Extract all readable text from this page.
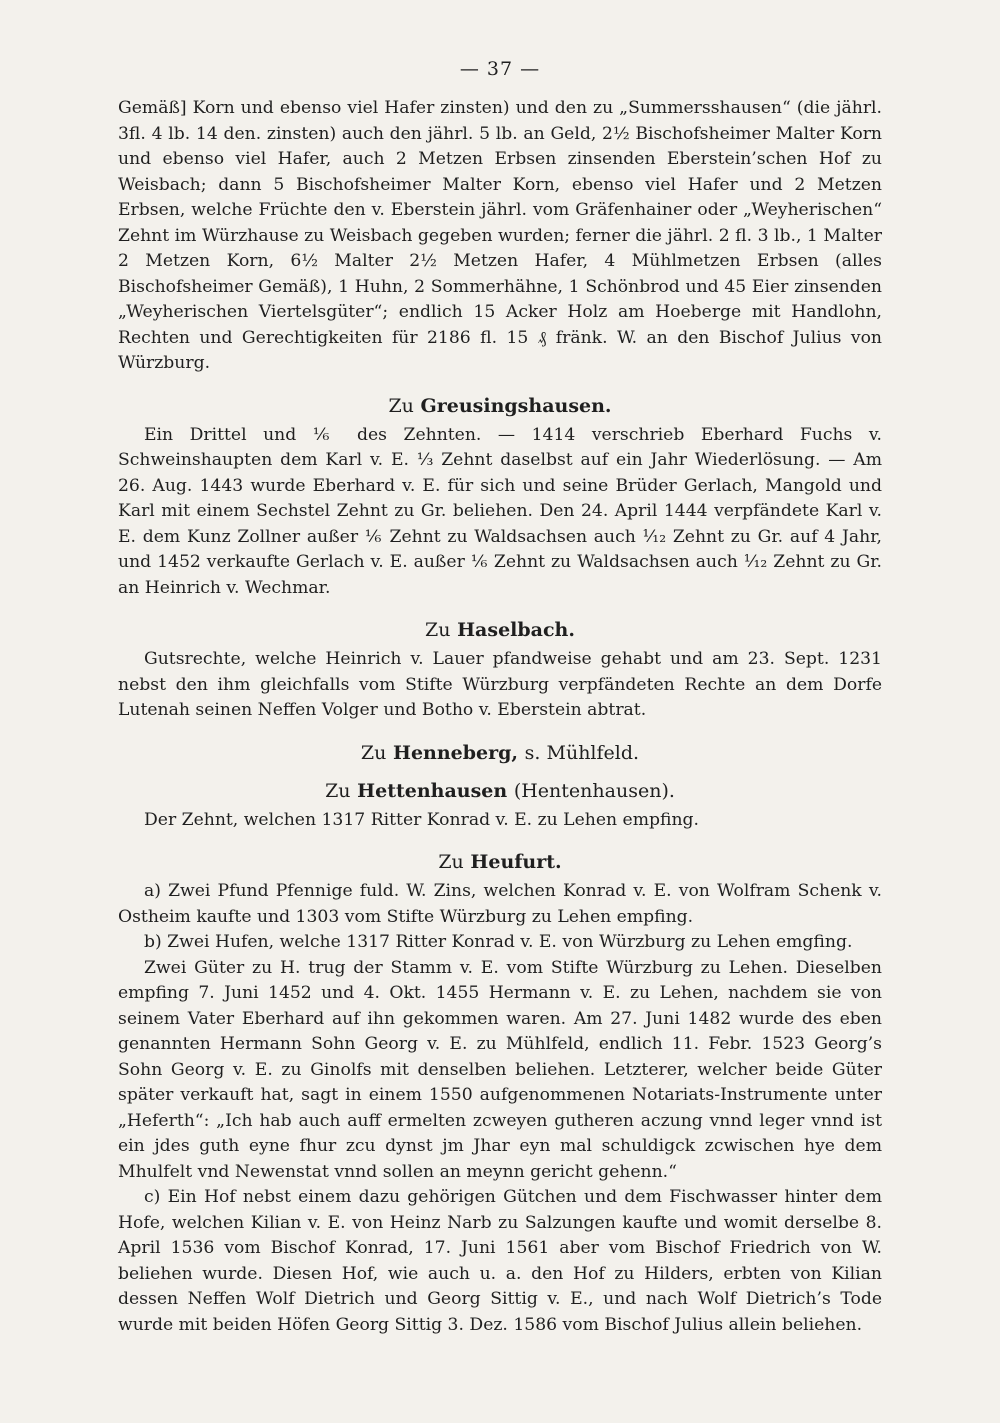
— 37 —

Gemäß] Korn und ebenso viel Hafer zinsten) und den zu „Summersshausen“ (die jährl. 3fl. 4 lb. 14 den. zinsten) auch den jährl. 5 lb. an Geld, 2½ Bischofsheimer Malter Korn und ebenso viel Hafer, auch 2 Metzen Erbsen zinsenden Eberstein’schen Hof zu Weisbach; dann 5 Bischofsheimer Malter Korn, ebenso viel Hafer und 2 Metzen Erbsen, welche Früchte den v. Eberstein jährl. vom Gräfenhainer oder „Weyherischen“ Zehnt im Würzhause zu Weisbach gegeben wurden; ferner die jährl. 2 fl. 3 lb., 1 Malter 2 Metzen Korn, 6½ Malter 2½ Metzen Hafer, 4 Mühlmetzen Erbsen (alles Bischofsheimer Gemäß), 1 Huhn, 2 Sommerhähne, 1 Schönbrod und 45 Eier zinsenden „Weyherischen Viertelsgüter“; endlich 15 Acker Holz am Hoeberge mit Handlohn, Rechten und Gerechtigkeiten für 2186 fl. 15 ₰ fränk. W. an den Bischof Julius von Würzburg.

Zu Greusingshausen.

Ein Drittel und ⅙ des Zehnten. — 1414 verschrieb Eberhard Fuchs v. Schweinshaupten dem Karl v. E. ⅓ Zehnt daselbst auf ein Jahr Wiederlösung. — Am 26. Aug. 1443 wurde Eberhard v. E. für sich und seine Brüder Gerlach, Mangold und Karl mit einem Sechstel Zehnt zu Gr. beliehen. Den 24. April 1444 verpfändete Karl v. E. dem Kunz Zollner außer ⅙ Zehnt zu Waldsachsen auch ¹⁄₁₂ Zehnt zu Gr. auf 4 Jahr, und 1452 verkaufte Gerlach v. E. außer ⅙ Zehnt zu Waldsachsen auch ¹⁄₁₂ Zehnt zu Gr. an Heinrich v. Wechmar.

Zu Haselbach.

Gutsrechte, welche Heinrich v. Lauer pfandweise gehabt und am 23. Sept. 1231 nebst den ihm gleichfalls vom Stifte Würzburg verpfändeten Rechte an dem Dorfe Lutenah seinen Neffen Volger und Botho v. Eberstein abtrat.

Zu Henneberg, s. Mühlfeld.
Zu Hettenhausen (Hentenhausen).

Der Zehnt, welchen 1317 Ritter Konrad v. E. zu Lehen empfing.

Zu Heufurt.

a) Zwei Pfund Pfennige fuld. W. Zins, welchen Konrad v. E. von Wolfram Schenk v. Ostheim kaufte und 1303 vom Stifte Würzburg zu Lehen empfing.

b) Zwei Hufen, welche 1317 Ritter Konrad v. E. von Würzburg zu Lehen emgfing.

Zwei Güter zu H. trug der Stamm v. E. vom Stifte Würzburg zu Lehen. Dieselben empfing 7. Juni 1452 und 4. Okt. 1455 Hermann v. E. zu Lehen, nachdem sie von seinem Vater Eberhard auf ihn gekommen waren. Am 27. Juni 1482 wurde des eben genannten Hermann Sohn Georg v. E. zu Mühlfeld, endlich 11. Febr. 1523 Georg’s Sohn Georg v. E. zu Ginolfs mit denselben beliehen. Letzterer, welcher beide Güter später verkauft hat, sagt in einem 1550 aufgenommenen Notariats-Instrumente unter „Heferth“: „Ich hab auch auff ermelten zcweyen gutheren aczung vnnd leger vnnd ist ein jdes guth eyne fhur zcu dynst jm Jhar eyn mal schuldigck zcwischen hye dem Mhulfelt vnd Newenstat vnnd sollen an meynn gericht gehenn.“

c) Ein Hof nebst einem dazu gehörigen Gütchen und dem Fischwasser hinter dem Hofe, welchen Kilian v. E. von Heinz Narb zu Salzungen kaufte und womit derselbe 8. April 1536 vom Bischof Konrad, 17. Juni 1561 aber vom Bischof Friedrich von W. beliehen wurde. Diesen Hof, wie auch u. a. den Hof zu Hilders, erbten von Kilian dessen Neffen Wolf Dietrich und Georg Sittig v. E., und nach Wolf Dietrich’s Tode wurde mit beiden Höfen Georg Sittig 3. Dez. 1586 vom Bischof Julius allein beliehen.
